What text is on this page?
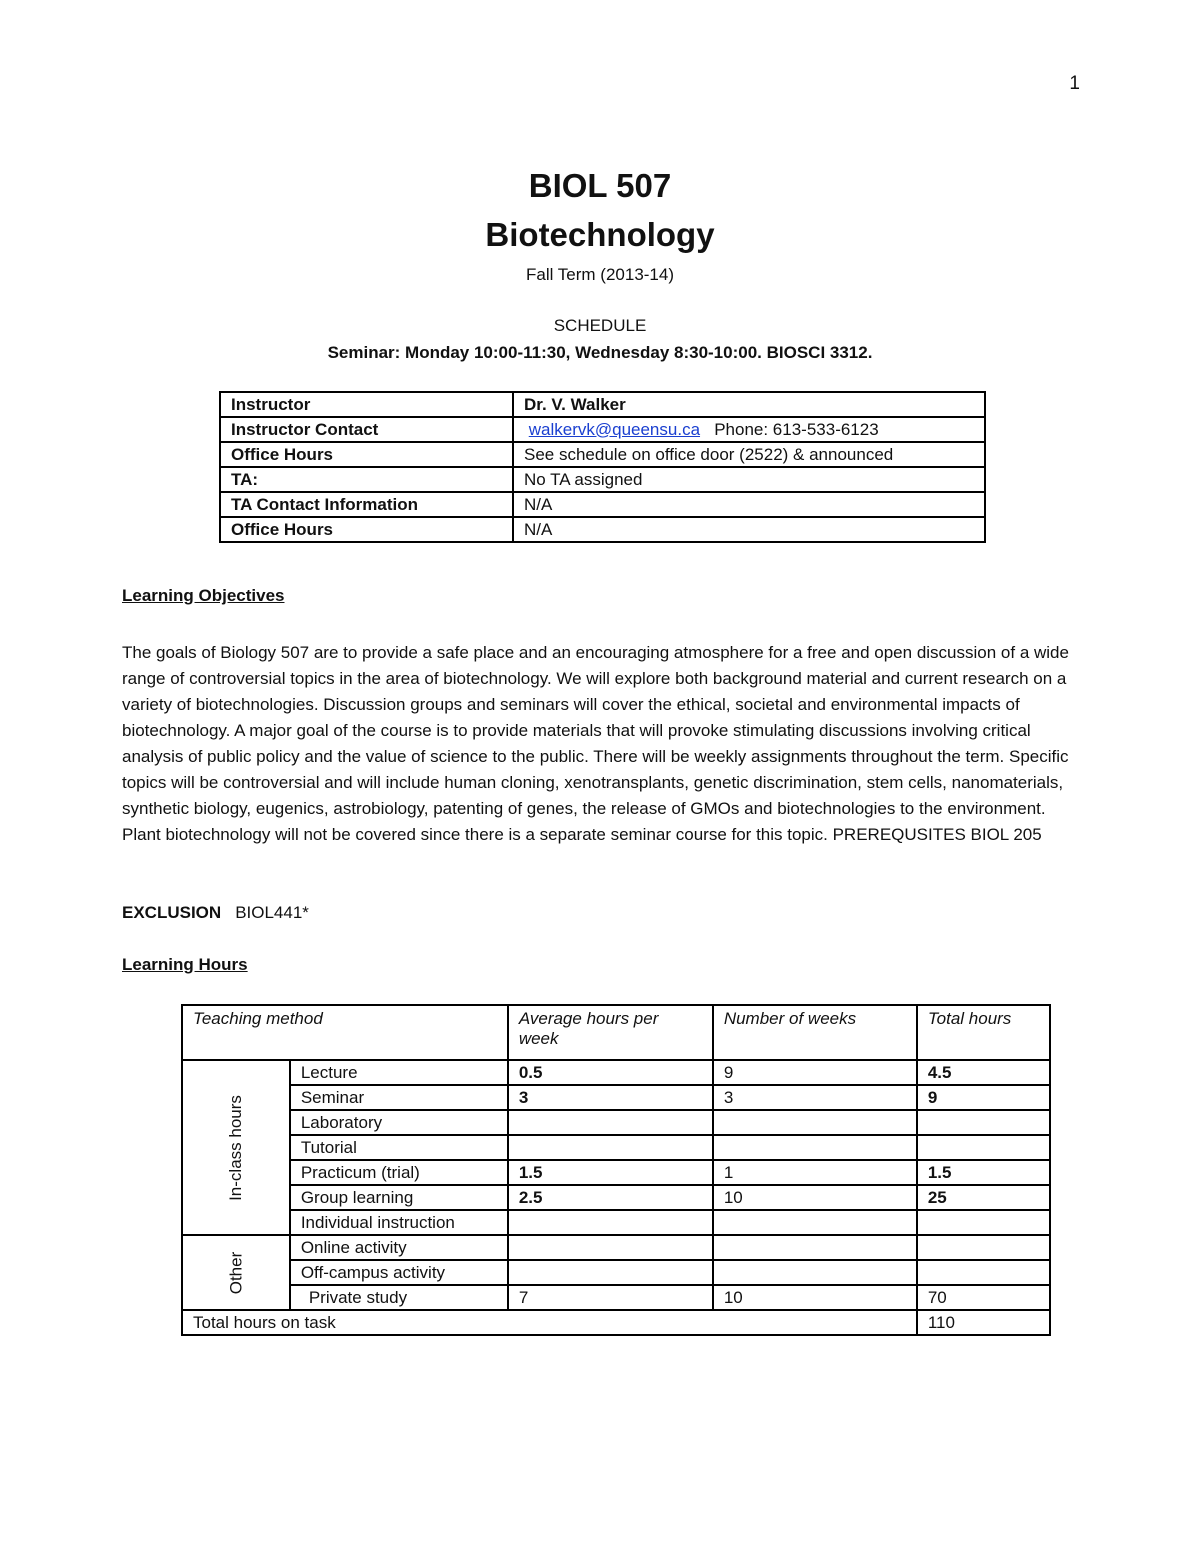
1
BIOL 507
Biotechnology
Fall Term (2013-14)
SCHEDULE
Seminar: Monday 10:00-11:30, Wednesday 8:30-10:00. BIOSCI 3312.
Instructor	Dr. V. Walker
Instructor Contact	walkervk@queensu.ca Phone: 613-533-6123
Office Hours	See schedule on office door (2522) & announced
TA:	No TA assigned
TA Contact Information	N/A
Office Hours	N/A
Learning Objectives
The goals of Biology 507 are to provide a safe place and an encouraging atmosphere for a free and open discussion of a wide range of controversial topics in the area of biotechnology. We will explore both background material and current research on a variety of biotechnologies. Discussion groups and seminars will cover the ethical, societal and environmental impacts of biotechnology. A major goal of the course is to provide materials that will provoke stimulating discussions involving critical analysis of public policy and the value of science to the public. There will be weekly assignments throughout the term. Specific topics will be controversial and will include human cloning, xenotransplants, genetic discrimination, stem cells, nanomaterials, synthetic biology, eugenics, astrobiology, patenting of genes, the release of GMOs and biotechnologies to the environment. Plant biotechnology will not be covered since there is a separate seminar course for this topic. PREREQUSITES BIOL 205
EXCLUSION BIOL441*
Learning Hours
Teaching method		Average hours per week	Number of weeks	Total hours
In-class hours	Lecture	0.5	9	4.5
	Seminar	3	3	9
	Laboratory			
	Tutorial			
	Practicum (trial)	1.5	1	1.5
	Group learning	2.5	10	25
	Individual instruction			
Other	Online activity			
	Off-campus activity			
	Private study	7	10	70
Total hours on task				110
